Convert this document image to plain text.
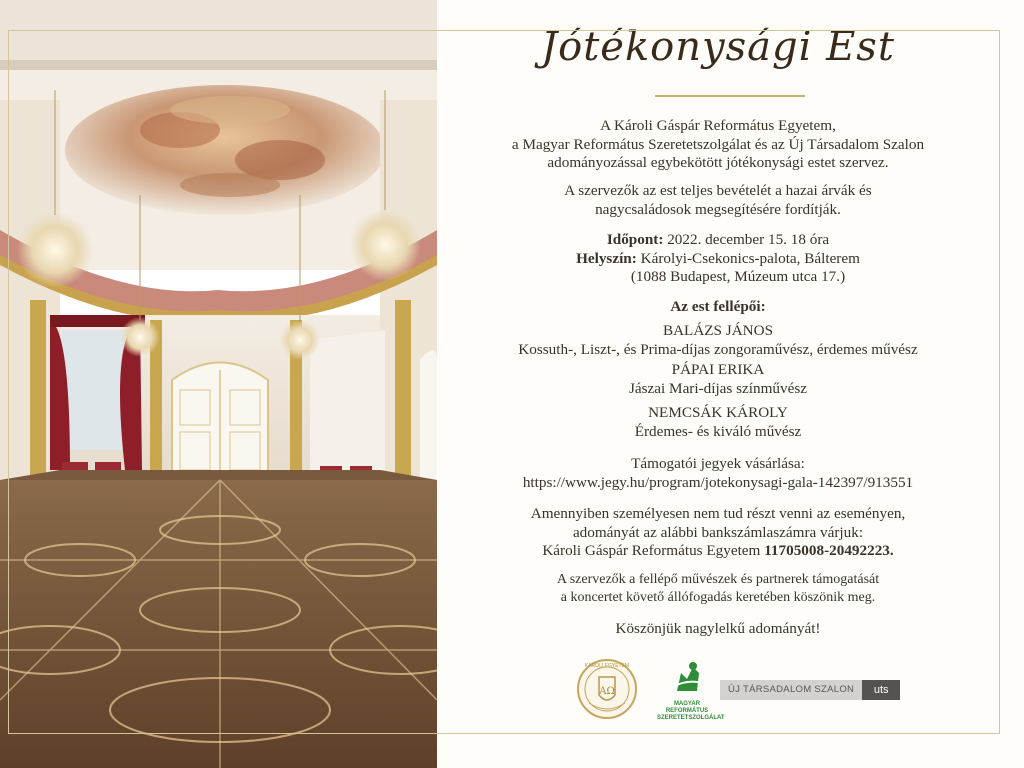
Jótékonysági Est

A Károli Gáspár Református Egyetem,

a Magyar Református Szeretetszolgálat és az Új Társadalom Szalon

adományozással egybekötött jótékonysági estet szervez.

A szervezők az est teljes bevételét a hazai árvák és

nagycsaládosok megsegítésére fordítják.

Időpont: 2022. december 15. 18 óra

Helyszín: Károlyi-Csekonics-palota, Bálterem

(1088 Budapest, Múzeum utca 17.)

Az est fellépői:

BALÁZS JÁNOS

Kossuth-, Liszt-, és Prima-díjas zongoraművész, érdemes művész

PÁPAI ERIKA

Jászai Mari-díjas színművész

NEMCSÁK KÁROLY

Érdemes- és kiváló művész

Támogatói jegyek vásárlása:

https://www.jegy.hu/program/jotekonysagi-gala-142397/913551

Amennyiben személyesen nem tud részt venni az eseményen,

adományát az alábbi bankszámlaszámra várjuk:

Károli Gáspár Református Egyetem 11705008-20492223.

A szervezők a fellépő művészek és partnerek támogatását

a koncertet követő állófogadás keretében köszönik meg.

Köszönjük nagylelkű adományát!
KÁROLI EGYETEM
AΩ
MAGYAR REFORMÁTUS
SZERETETSZOLGÁLAT
ÚJ TÁRSADALOM SZALON	uts
